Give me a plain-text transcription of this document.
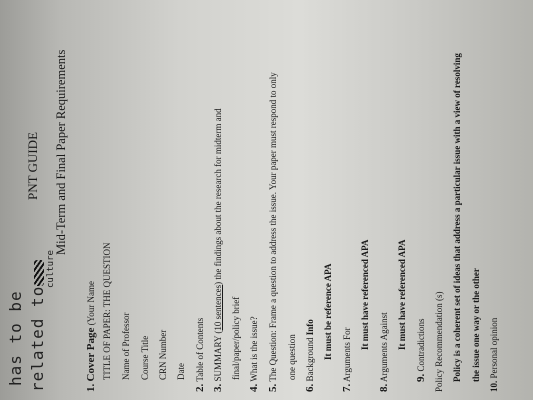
has to be related to
culture
PNT GUIDE Mid-Term and Final Paper Requirements
1. Cover Page (Your Name TITLE OF PAPER: THE QUESTION Name of Professor Course Title CRN Number Date
2. Table of Contents
3. SUMMARY (10 sentences) the findings about the research for midterm and
final/paper/policy brief
4. What is the issue?
5. The Question: Frame a question to address the issue. Your paper must respond to only one question
6. Background Info It must be reference APA
7. Arguments For
It must have referenced APA
8. Arguments Against It must have referenced APA
9. Contradictions Policy Recommendation (s) Policy is a coherent set of ideas that address a particular issue with a view of resolving the issue one way or the other
10. Personal opinion
